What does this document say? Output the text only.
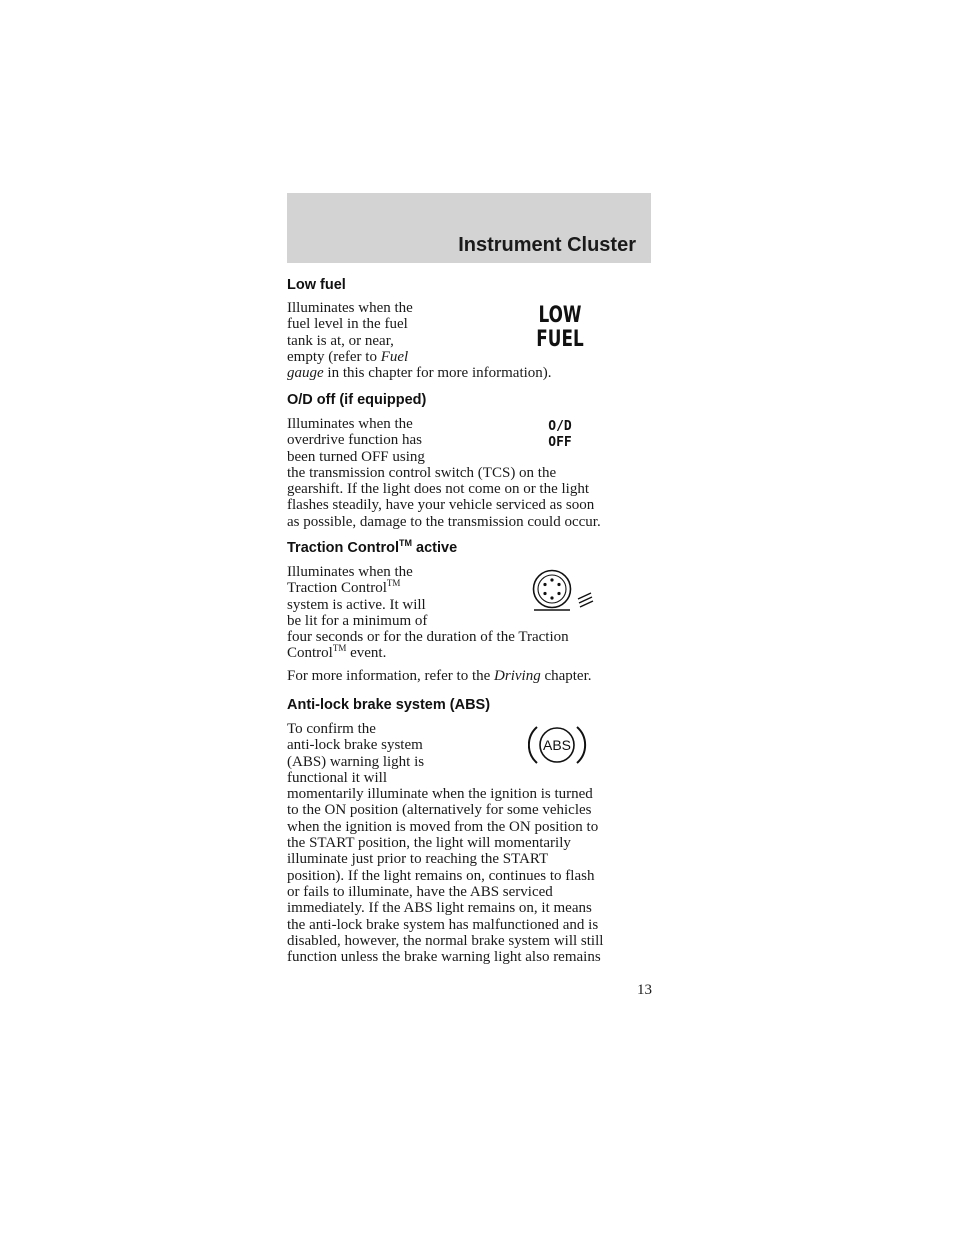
Instrument Cluster
Low fuel
Illuminates when the
fuel level in the fuel
tank is at, or near,
empty (refer to Fuel
gauge in this chapter for more information).
LOW
FUEL
O/D off (if equipped)
Illuminates when the
overdrive function has
been turned OFF using
the transmission control switch (TCS) on the
gearshift. If the light does not come on or the light
flashes steadily, have your vehicle serviced as soon
as possible, damage to the transmission could occur.
O/D
OFF
Traction Control™ active
Illuminates when the
Traction Control™
system is active. It will
be lit for a minimum of
four seconds or for the duration of the Traction
Control™ event.
For more information, refer to the Driving chapter.
Anti-lock brake system (ABS)
To confirm the
anti-lock brake system
(ABS) warning light is
functional it will
momentarily illuminate when the ignition is turned
to the ON position (alternatively for some vehicles
when the ignition is moved from the ON position to
the START position, the light will momentarily
illuminate just prior to reaching the START
position). If the light remains on, continues to flash
or fails to illuminate, have the ABS serviced
immediately. If the ABS light remains on, it means
the anti-lock brake system has malfunctioned and is
disabled, however, the normal brake system will still
function unless the brake warning light also remains
ABS
13
